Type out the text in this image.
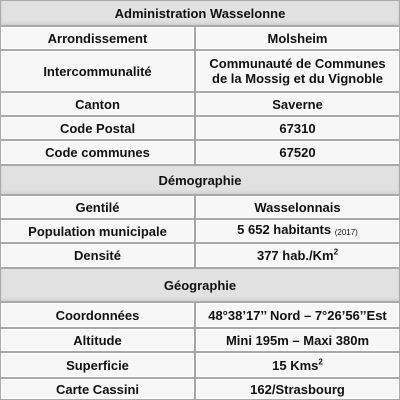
Administration Wasselonne	
Arrondissement	Molsheim
Intercommunalité	Communauté de Communes
de la Mossig et du Vignoble
Canton	Saverne
Code Postal	67310
Code communes	67520
Démographie	
Gentilé	Wasselonnais
Population municipale	5 652 habitants (2017)
Densité	377 hab./Km$^2$
Géographie	
Coordonnées	48°38’17’’ Nord – 7°26’56’’Est
Altitude	Mini 195m – Maxi 380m
Superficie	15 Kms$^2$
Carte Cassini	162/Strasbourg
